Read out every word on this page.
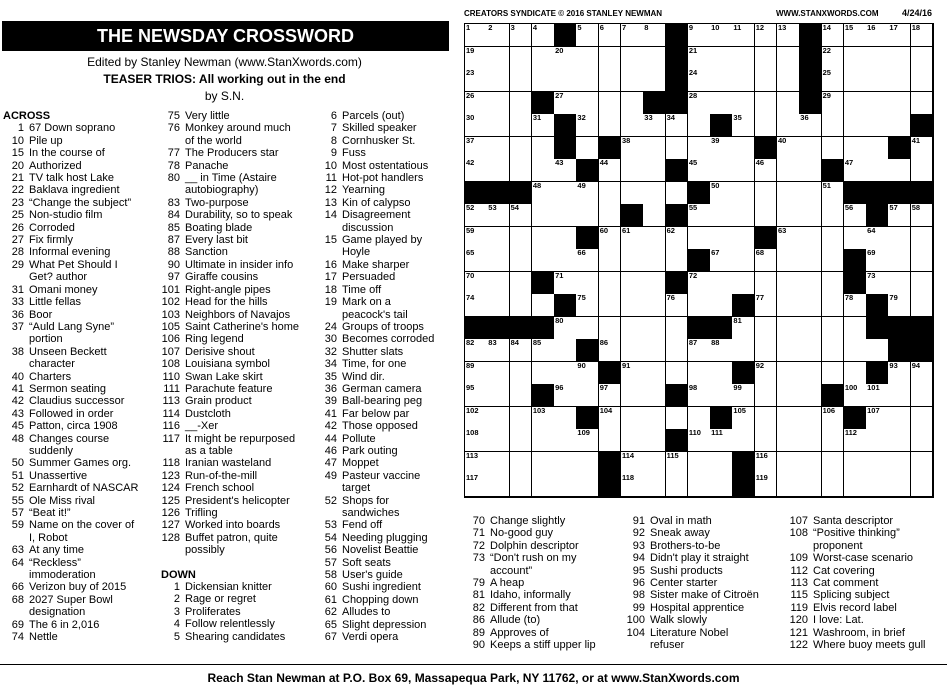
CREATORS SYNDICATE © 2016 STANLEY NEWMAN	WWW.STANXWORDS.COM	4/24/16
THE NEWSDAY CROSSWORD
Edited by Stanley Newman (www.StanXwords.com)
TEASER TRIOS: All working out in the end
by S.N.
ACROSS
1 67 Down soprano
10 Pile up
15 In the course of
20 Authorized
21 TV talk host Lake
22 Baklava ingredient
23 “Change the subject”
25 Non-studio film
26 Corroded
27 Fix firmly
28 Informal evening
29 What Pet Should I
Get? author
31 Omani money
33 Little fellas
36 Boor
37 “Auld Lang Syne”
portion
38 Unseen Beckett
character
40 Charters
41 Sermon seating
42 Claudius successor
43 Followed in order
45 Patton, circa 1908
48 Changes course
suddenly
50 Summer Games org.
51 Unassertive
52 Earnhardt of NASCAR
55 Ole Miss rival
57 “Beat it!”
59 Name on the cover of
I, Robot
63 At any time
64 “Reckless”
immoderation
66 Verizon buy of 2015
68 2027 Super Bowl
designation
69 The 6 in 2,016
74 Nettle
75 Very little
76 Monkey around much
of the world
77 The Producers star
78 Panache
80 __ in Time (Astaire
autobiography)
83 Two-purpose
84 Durability, so to speak
85 Boating blade
87 Every last bit
88 Sanction
90 Ultimate in insider info
97 Giraffe cousins
101 Right-angle pipes
102 Head for the hills
103 Neighbors of Navajos
105 Saint Catherine's home
106 Ring legend
107 Derisive shout
108 Louisiana symbol
110 Swan Lake skirt
111 Parachute feature
113 Grain product
114 Dustcloth
116 __-Xer
117 It might be repurposed
as a table
118 Iranian wasteland
123 Run-of-the-mill
124 French school
125 President's helicopter
126 Trifling
127 Worked into boards
128 Buffet patron, quite
possibly
DOWN
1 Dickensian knitter
2 Rage or regret
3 Proliferates
4 Follow relentlessly
5 Shearing candidates
6 Parcels (out)
7 Skilled speaker
8 Cornhusker St.
9 Fuss
10 Most ostentatious
11 Hot-pot handlers
12 Yearning
13 Kin of calypso
14 Disagreement
discussion
15 Game played by
Hoyle
16 Make sharper
17 Persuaded
18 Time off
19 Mark on a
peacock's tail
24 Groups of troops
30 Becomes corroded
32 Shutter slats
34 Time, for one
35 Wind dir.
36 German camera
39 Ball-bearing peg
41 Far below par
42 Those opposed
44 Pollute
46 Park outing
47 Moppet
49 Pasteur vaccine
target
52 Shops for
sandwiches
53 Fend off
54 Needing plugging
56 Novelist Beattie
57 Soft seats
58 User's guide
60 Sushi ingredient
61 Chopping down
62 Alludes to
65 Slight depression
67 Verdi opera
70 Change slightly
71 No-good guy
72 Dolphin descriptor
73 “Don't rush on my
account”
79 A heap
81 Idaho, informally
82 Different from that
86 Allude (to)
89 Approves of
90 Keeps a stiff upper lip
91 Oval in math
92 Sneak away
93 Brothers-to-be
94 Didn't play it straight
95 Sushi products
96 Center starter
98 Sister make of Citroën
99 Hospital apprentice
100 Walk slowly
104 Literature Nobel
refuser
107 Santa descriptor
108 “Positive thinking”
proponent
109 Worst-case scenario
112 Cat covering
113 Cat comment
115 Splicing subject
119 Elvis record label
120 I love: Lat.
121 Washroom, in brief
122 Where buoy meets gull
1 2 3 4	5 6 7 8	9 10 11 12 13	14 15 16 17 18
19	20	21	22
23	24	25
26	27	28	29
30	31	32	33 34	35	36
37	38	39	40	41
42	43	44	45	46	47
48	49	50	51
52 53 54	55	56	57 58
59	60 61	62	63	64
65	66	67	68	69
70	71	72	73
74	75	76	77	78	79
80	81
82 83 84 85	86	87 88
89	90	91	92	93 94
95	96	97	98	99	100 101
102	103	104	105	106	107
108	109	110 111	112
113	114	115	116
117	118	119
Reach Stan Newman at P.O. Box 69, Massapequa Park, NY 11762, or at www.StanXwords.com
